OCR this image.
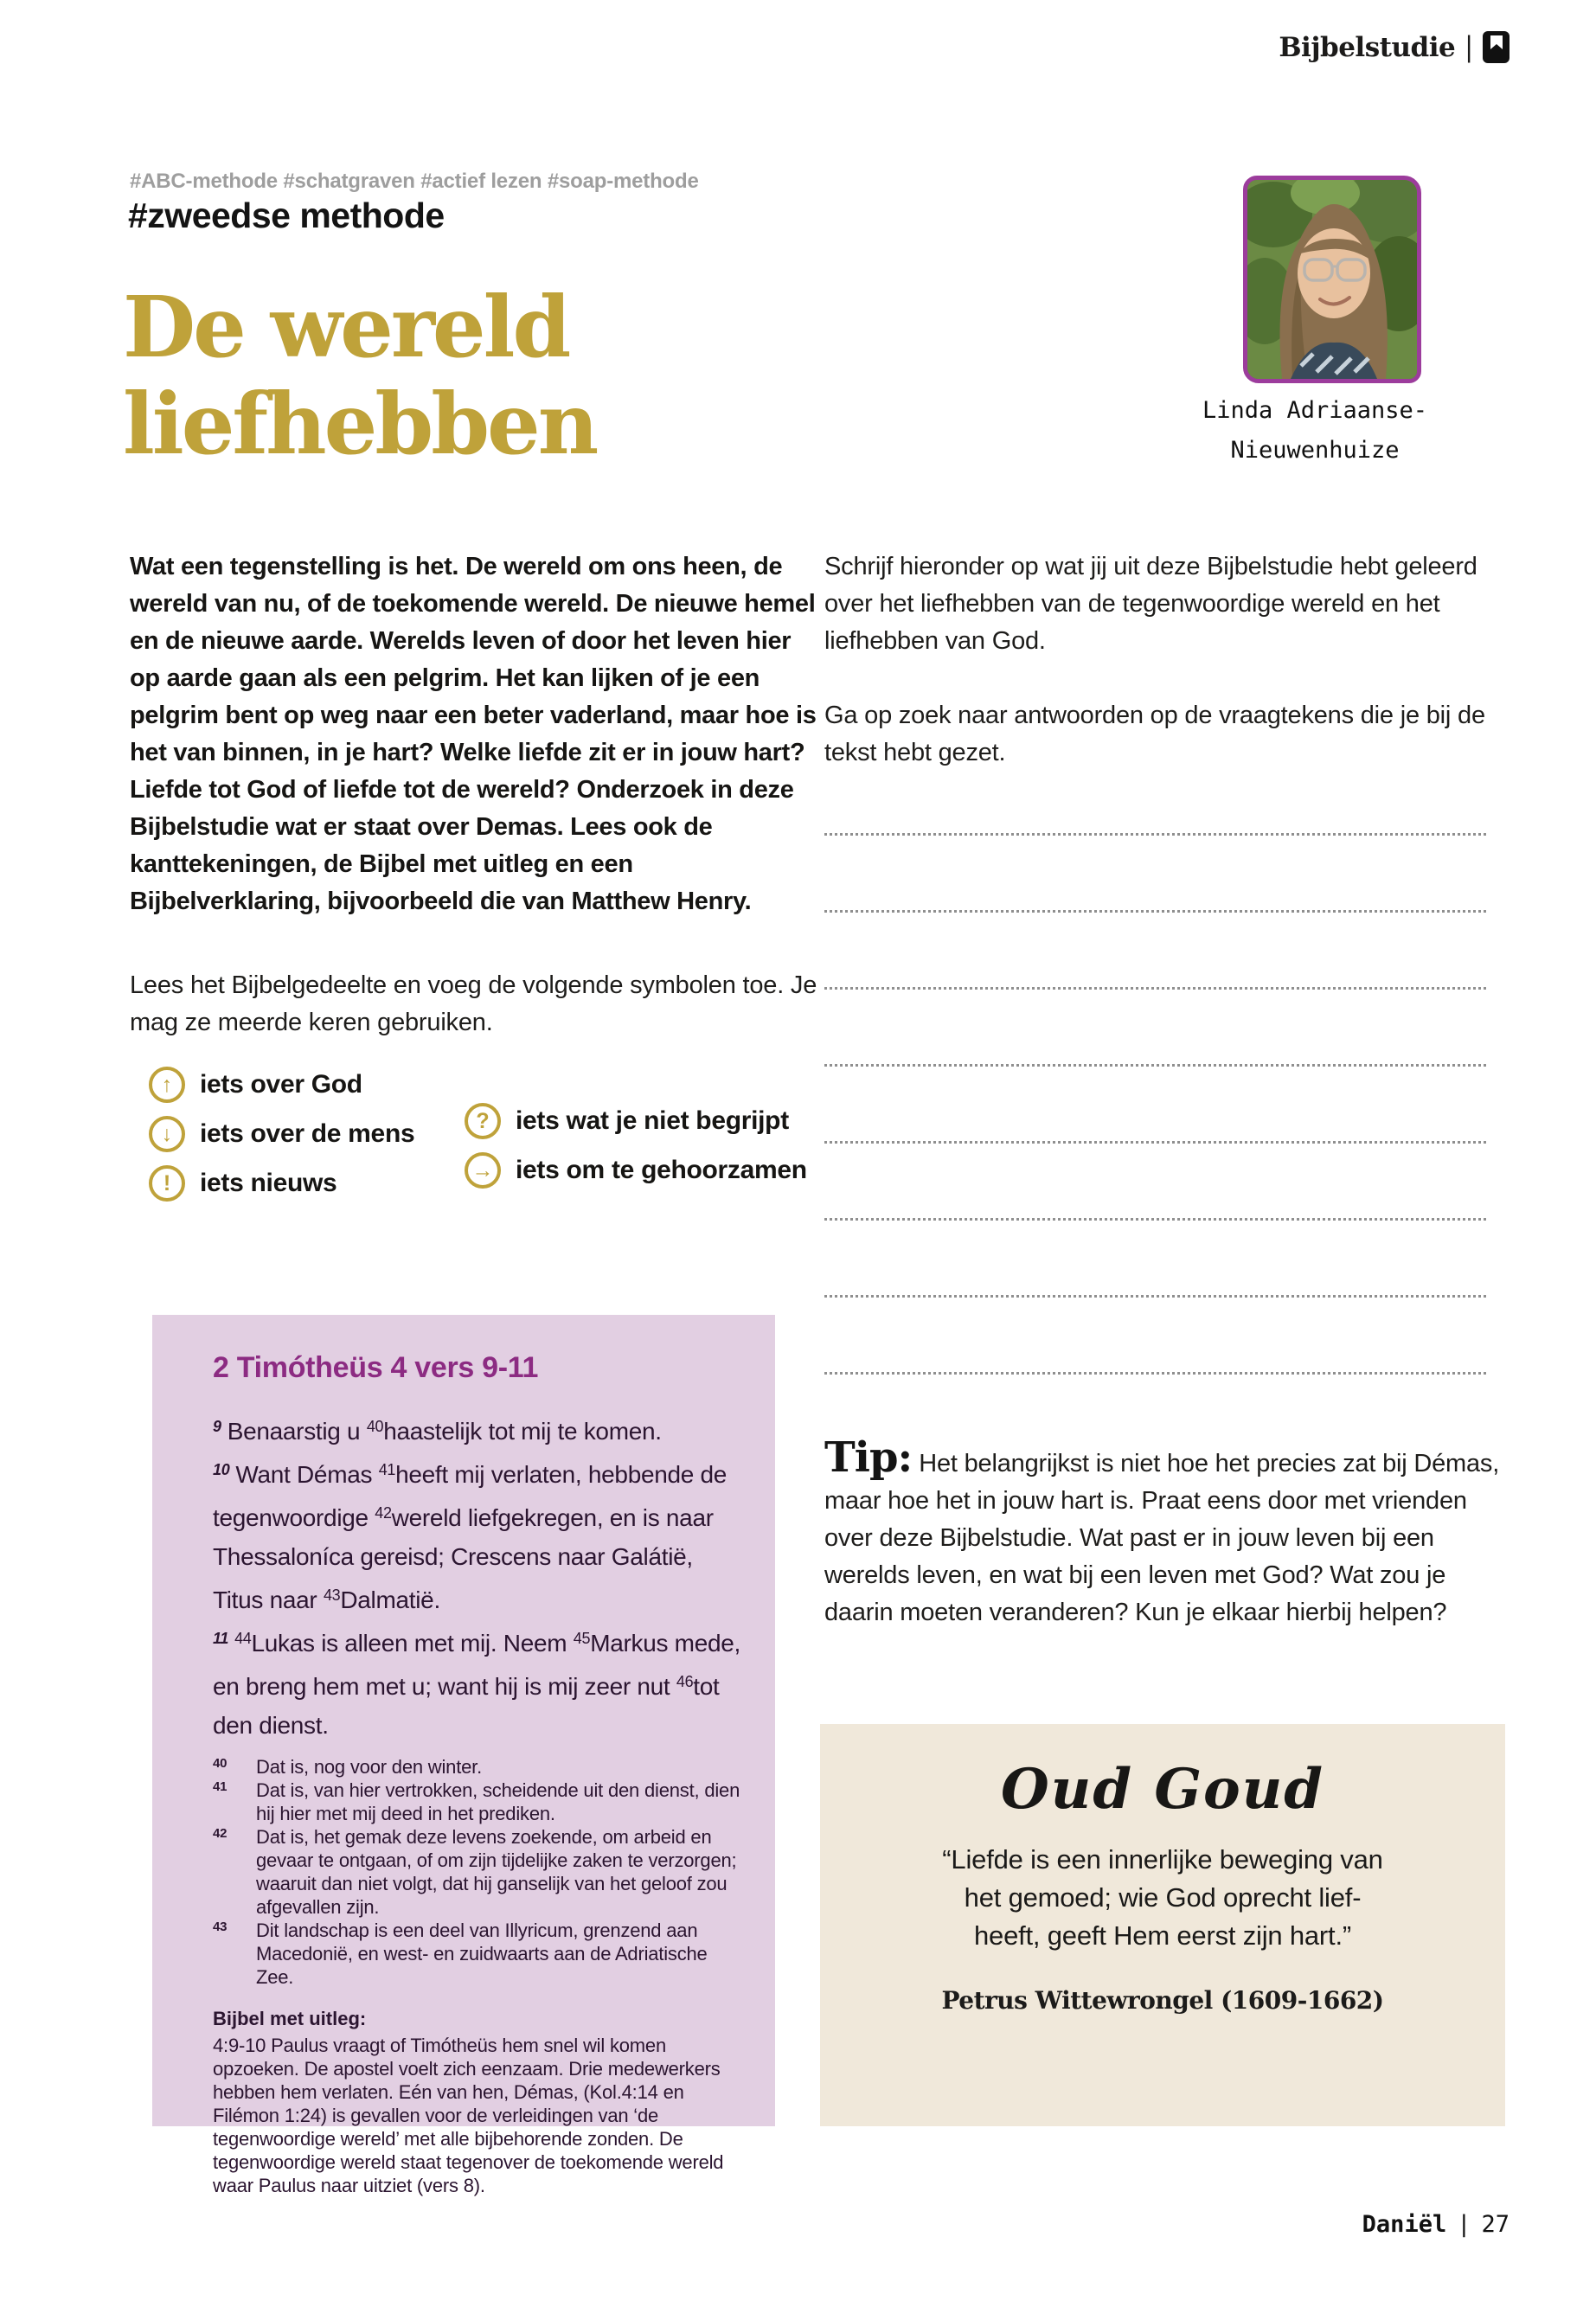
Bijbelstudie |
#ABC-methode #schatgraven #actief lezen #soap-methode
#zweedse methode
De wereld
liefhebben	Linda Adriaanse-
Nieuwenhuize

Wat een tegenstelling is het. De wereld om ons heen, de wereld van nu, of de toekomende wereld. De nieuwe hemel en de nieuwe aarde. Werelds leven of door het leven hier op aarde gaan als een pelgrim. Het kan lijken of je een pelgrim bent op weg naar een beter vaderland, maar hoe is het van binnen, in je hart? Welke liefde zit er in jouw hart? Liefde tot God of liefde tot de wereld? Onderzoek in deze Bijbelstudie wat er staat over Demas. Lees ook de kanttekeningen, de Bijbel met uitleg en een Bijbelverklaring, bijvoorbeeld die van Matthew Henry.

Lees het Bijbelgedeelte en voeg de volgende symbolen toe. Je mag ze meerde keren gebruiken.

↑	iets over God
↓	iets over de mens
!	iets nieuws
?	iets wat je niet begrijpt
→ iets om te gehoorzamen
2 Timótheüs 4 vers 9-11
$^9$ Benaarstig u $^{40}$haastelijk tot mij te komen.
$^{10}$ Want Démas $^{41}$heeft mij verlaten, hebbende de tegenwoordige $^{42}$wereld liefgekregen, en is naar Thessaloníca gereisd; Crescens naar Galátië, Titus naar $^{43}$Dalmatië.
$^{11}$ $^{44}$Lukas is alleen met mij. Neem $^{45}$Markus mede, en breng hem met u; want hij is mij zeer nut $^{46}$tot den dienst.
40 Dat is, nog voor den winter.
41 Dat is, van hier vertrokken, scheidende uit den dienst, dien hij hier met mij deed in het prediken.
42 Dat is, het gemak deze levens zoekende, om arbeid en gevaar te ontgaan, of om zijn tijdelijke zaken te verzorgen; waaruit dan niet volgt, dat hij ganselijk van het geloof zou afgevallen zijn.
43 Dit landschap is een deel van Illyricum, grenzend aan Macedonië, en west- en zuidwaarts aan de Adriatische Zee.
Bijbel met uitleg:

4:9-10 Paulus vraagt of Timótheüs hem snel wil komen opzoeken. De apostel voelt zich eenzaam. Drie medewerkers hebben hem verlaten. Eén van hen, Démas, (Kol.4:14 en Filémon 1:24) is gevallen voor de verleidingen van ‘de tegenwoordige wereld’ met alle bijbehorende zonden. De tegenwoordige wereld staat tegenover de toekomende wereld waar Paulus naar uitziet (vers 8).

Schrijf hieronder op wat jij uit deze Bijbelstudie hebt geleerd over het liefhebben van de tegenwoordige wereld en het liefhebben van God.

Ga op zoek naar antwoorden op de vraagtekens die je bij de tekst hebt gezet.

Tip: Het belangrijkst is niet hoe het precies zat bij Démas, maar hoe het in jouw hart is. Praat eens door met vrienden over deze Bijbelstudie. Wat past er in jouw leven bij een werelds leven, en wat bij een leven met God? Wat zou je daarin moeten veranderen? Kun je elkaar hierbij helpen?

Oud Goud
“Liefde is een innerlijke beweging van
het gemoed; wie God oprecht lief-
heeft, geeft Hem eerst zijn hart.”
Petrus Wittewrongel (1609-1662)
Daniël | 27
